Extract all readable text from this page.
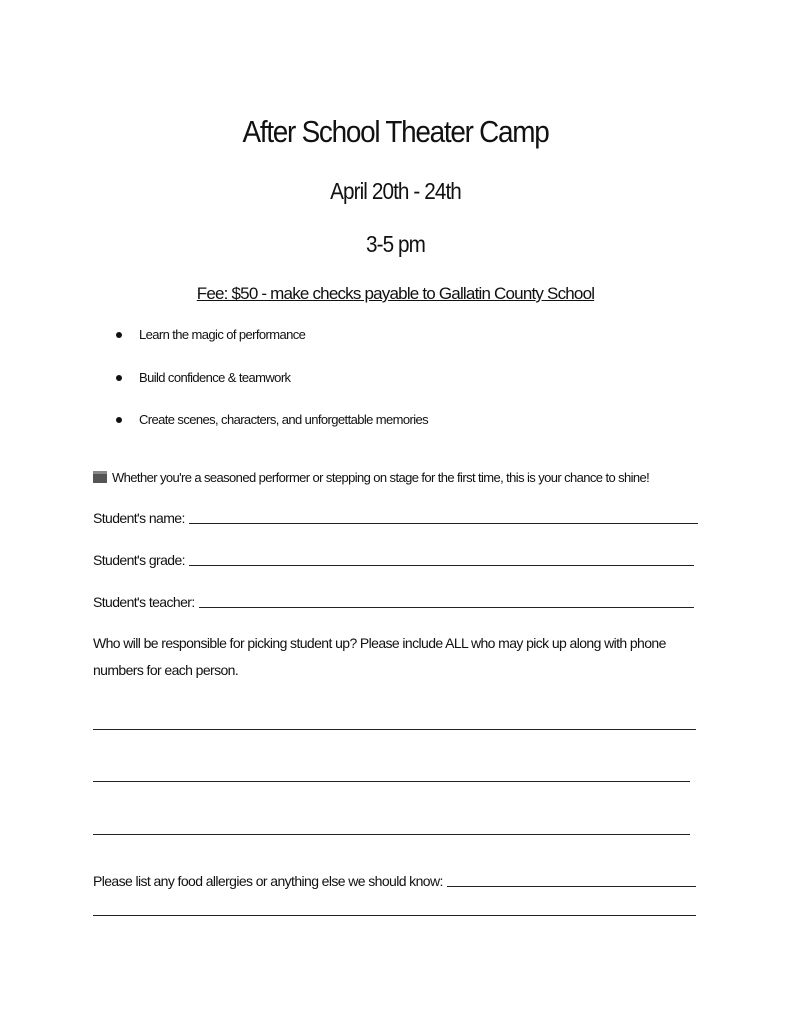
After School Theater Camp
April 20th - 24th
3-5 pm
Fee: $50 - make checks payable to Gallatin County School
Learn the magic of performance
Build confidence & teamwork
Create scenes, characters, and unforgettable memories
Whether you're a seasoned performer or stepping on stage for the first time, this is your chance to shine!
Student's name:
Student's grade:
Student's teacher:
Who will be responsible for picking student up? Please include ALL who may pick up along with phone numbers for each person.
Please list any food allergies or anything else we should know:
